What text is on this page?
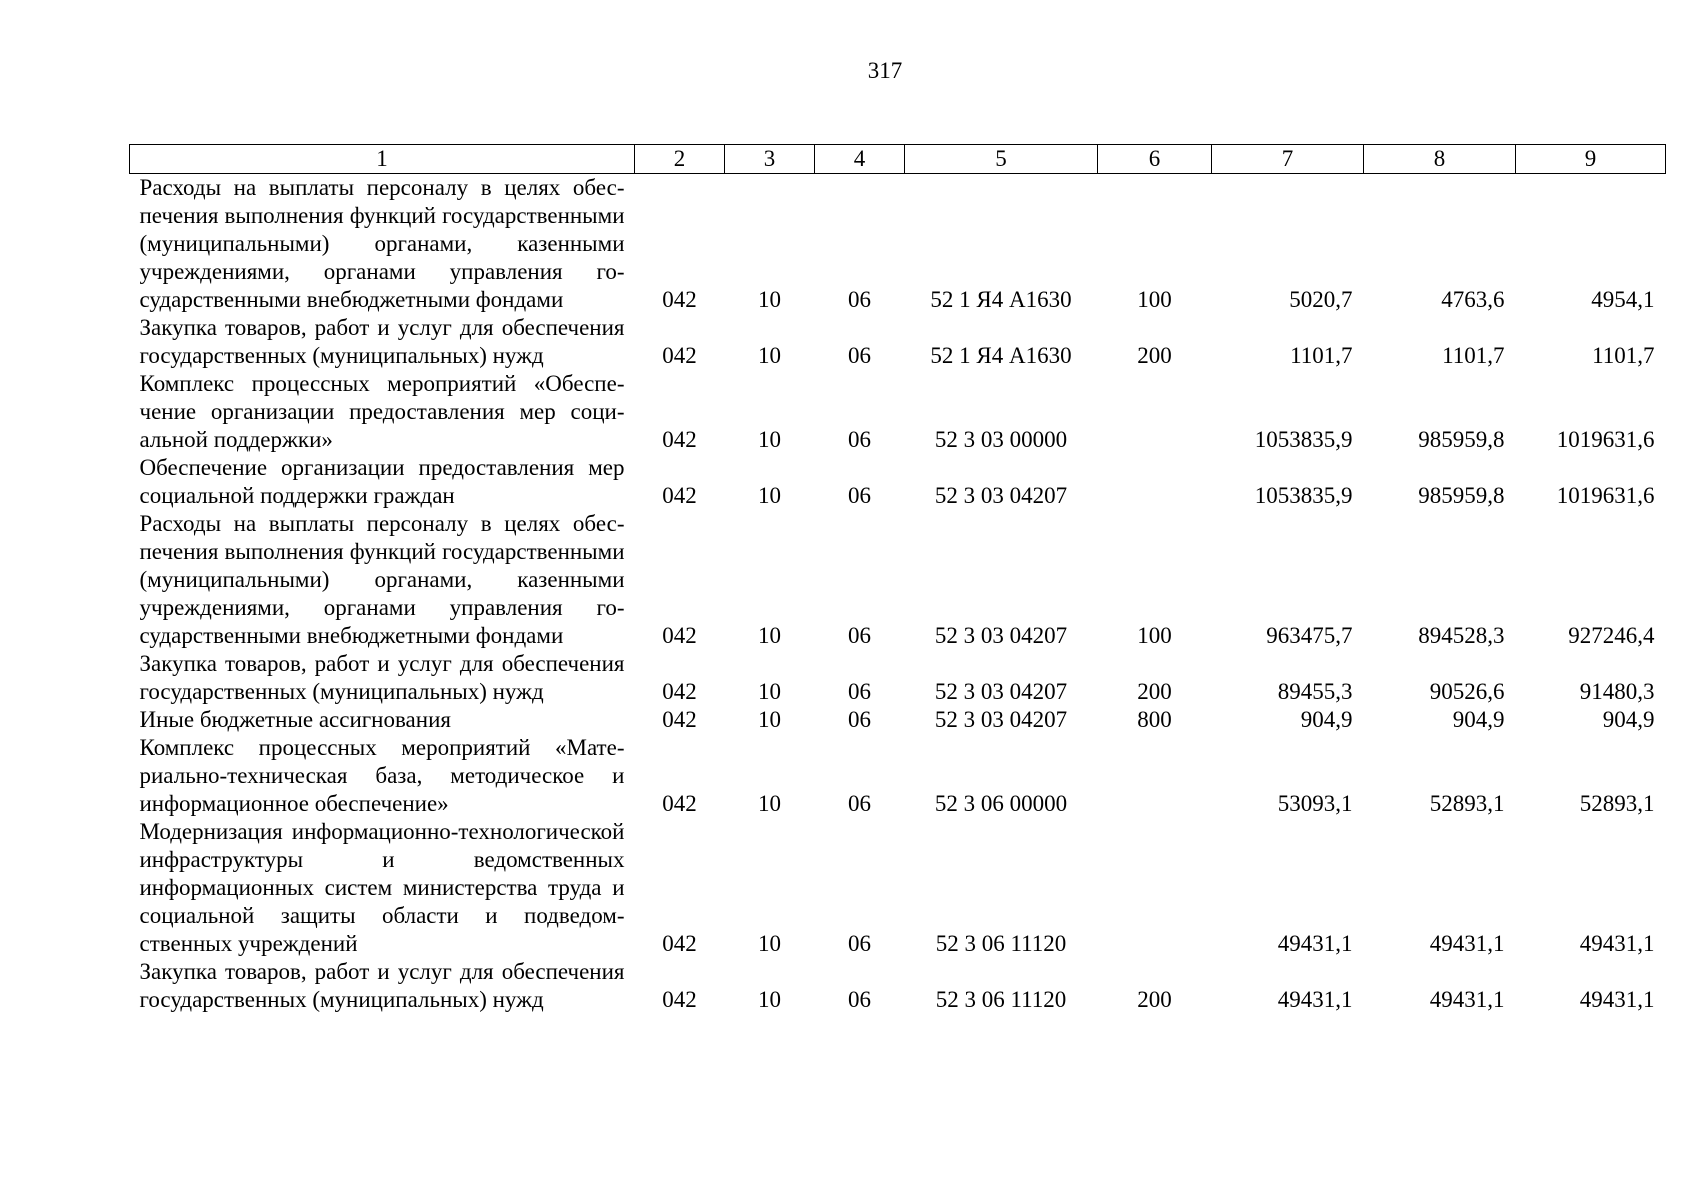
317
1	2	3	4	5	6	7	8	9
Расходы на выплаты персоналу в целях обеспечения выполнения функций государственными (муниципальными) органами, казенными учреждениями, органами управления государственными внебюджетными фондами	042	10	06	52 1 Я4 А1630	100	5020,7	4763,6	4954,1
Закупка товаров, работ и услуг для обеспечения государственных (муниципальных) нужд	042	10	06	52 1 Я4 А1630	200	1101,7	1101,7	1101,7
Комплекс процессных мероприятий «Обеспечение организации предоставления мер социальной поддержки»	042	10	06	52 3 03 00000		1053835,9	985959,8	1019631,6
Обеспечение организации предоставления мер социальной поддержки граждан	042	10	06	52 3 03 04207		1053835,9	985959,8	1019631,6
Расходы на выплаты персоналу в целях обеспечения выполнения функций государственными (муниципальными) органами, казенными учреждениями, органами управления государственными внебюджетными фондами	042	10	06	52 3 03 04207	100	963475,7	894528,3	927246,4
Закупка товаров, работ и услуг для обеспечения государственных (муниципальных) нужд	042	10	06	52 3 03 04207	200	89455,3	90526,6	91480,3
Иные бюджетные ассигнования	042	10	06	52 3 03 04207	800	904,9	904,9	904,9
Комплекс процессных мероприятий «Материально-техническая база, методическое и информационное обеспечение»	042	10	06	52 3 06 00000		53093,1	52893,1	52893,1
Модернизация информационно-технологической инфраструктуры и ведомственных информационных систем министерства труда и социальной защиты области и подведомственных учреждений	042	10	06	52 3 06 11120		49431,1	49431,1	49431,1
Закупка товаров, работ и услуг для обеспечения государственных (муниципальных) нужд	042	10	06	52 3 06 11120	200	49431,1	49431,1	49431,1
